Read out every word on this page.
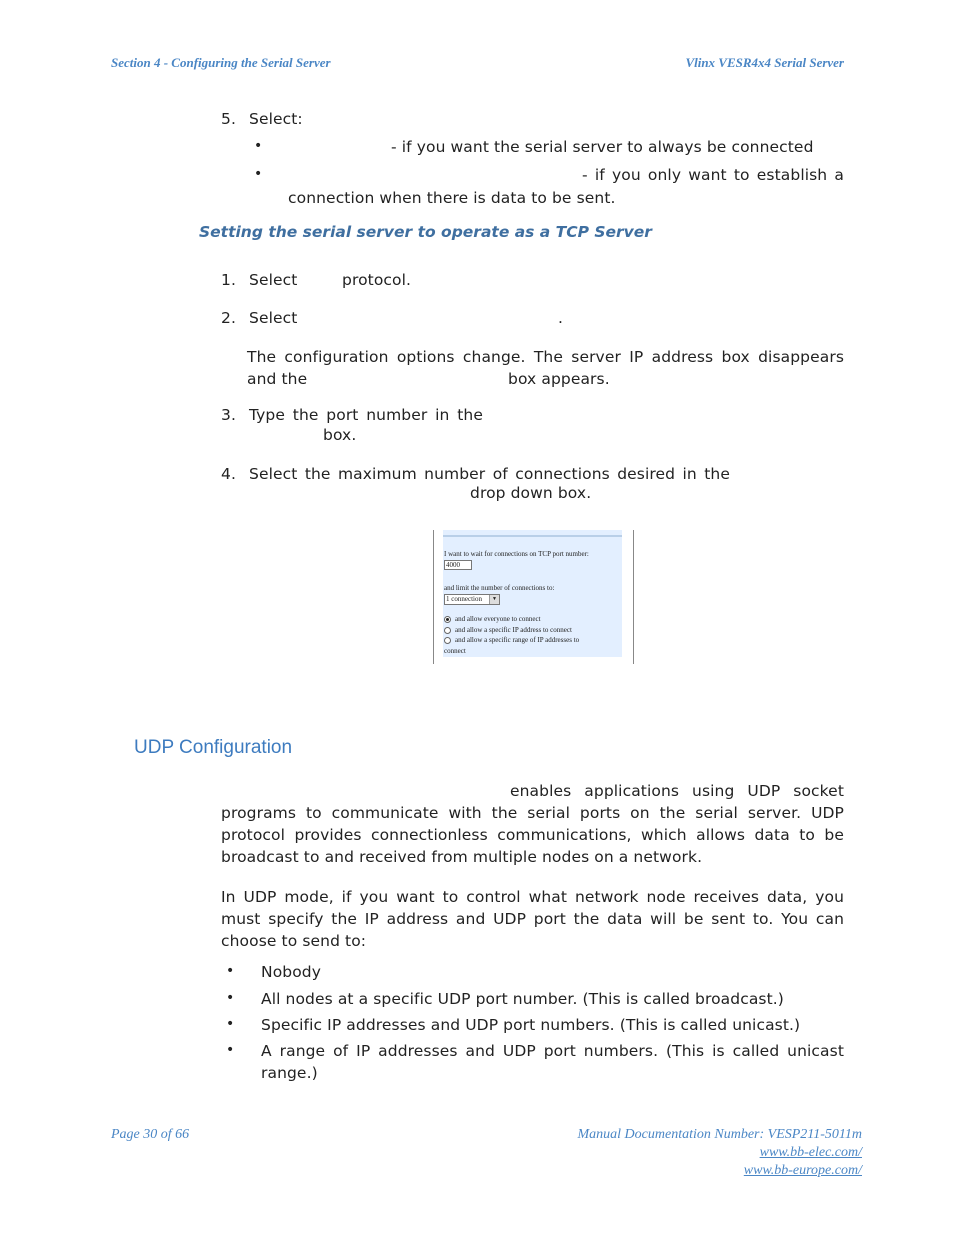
Section 4 - Configuring the Serial Server	Vlinx VESR4x4 Serial Server
5. Select:
•	- if you want the serial server to always be connected
•	- if you only want to establish a
connection when there is data to be sent.
Setting the serial server to operate as a TCP Server
1. Select	protocol.
2. Select	.
The configuration options change. The server IP address box disappears
and the	box appears.
3. Type the port number in the
box.
4. Select the maximum number of connections desired in the
drop down box.
I want to wait for connections on TCP port number:
4000
and limit the number of connections to:
1 connection	▼
and allow everyone to connect
and allow a specific IP address to connect
and allow a specific range of IP addresses to
connect
UDP Configuration
enables applications using UDP socket
programs to communicate with the serial ports on the serial server. UDP
protocol provides connectionless communications, which allows data to be
broadcast to and received from multiple nodes on a network.
In UDP mode, if you want to control what network node receives data, you
must specify the IP address and UDP port the data will be sent to. You can
choose to send to:
• Nobody
• All nodes at a specific UDP port number. (This is called broadcast.)
• Specific IP addresses and UDP port numbers. (This is called unicast.)
• A range of IP addresses and UDP port numbers. (This is called unicast
range.)
Page 30 of 66	Manual Documentation Number: VESP211-5011m
www.bb-elec.com/
www.bb-europe.com/
